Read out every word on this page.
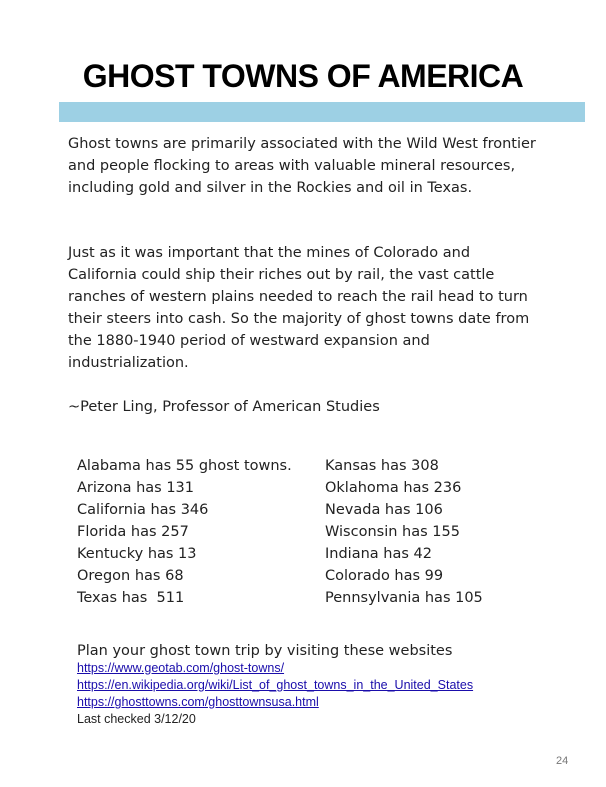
GHOST TOWNS OF AMERICA

Ghost towns are primarily associated with the Wild West frontier and people flocking to areas with valuable mineral resources, including gold and silver in the Rockies and oil in Texas.

Just as it was important that the mines of Colorado and California could ship their riches out by rail, the vast cattle ranches of western plains needed to reach the rail head to turn their steers into cash. So the majority of ghost towns date from the 1880-1940 period of westward expansion and industrialization.

~Peter Ling, Professor of American Studies

Alabama has 55 ghost towns.
Arizona has 131
California has 346
Florida has 257
Kentucky has 13
Oregon has 68
Texas has  511
Kansas has 308
Oklahoma has 236
Nevada has 106
Wisconsin has 155
Indiana has 42
Colorado has 99
Pennsylvania has 105
Plan your ghost town trip by visiting these websites
https://www.geotab.com/ghost-towns/
https://en.wikipedia.org/wiki/List_of_ghost_towns_in_the_United_States
https://ghosttowns.com/ghosttownsusa.html
Last checked 3/12/20
24
